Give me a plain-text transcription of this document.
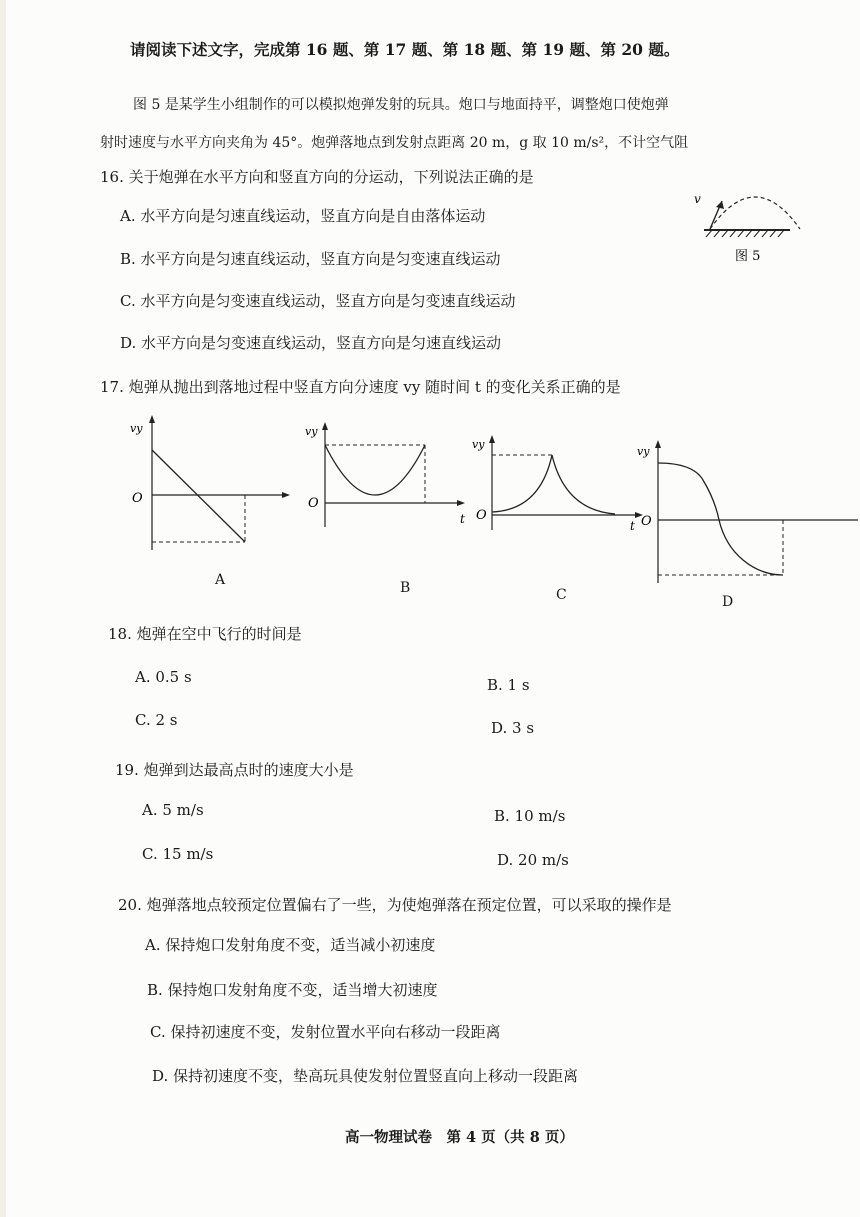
请阅读下述文字，完成第 16 题、第 17 题、第 18 题、第 19 题、第 20 题。
图 5 是某学生小组制作的可以模拟炮弹发射的玩具。炮口与地面持平，调整炮口使炮弹
射时速度与水平方向夹角为 45°。炮弹落地点到发射点距离 20 m，g 取 10 m/s²，不计空气阻
16. 关于炮弹在水平方向和竖直方向的分运动，下列说法正确的是
A. 水平方向是匀速直线运动，竖直方向是自由落体运动
B. 水平方向是匀速直线运动，竖直方向是匀变速直线运动
C. 水平方向是匀变速直线运动，竖直方向是匀变速直线运动
D. 水平方向是匀变速直线运动，竖直方向是匀速直线运动
v
图 5
17. 炮弹从抛出到落地过程中竖直方向分速度 vy 随时间 t 的变化关系正确的是
vy
O
A
vy
O
t
B
vy
O
t
C
vy
O
D
18. 炮弹在空中飞行的时间是
A. 0.5 s	B. 1 s
C. 2 s	D. 3 s
19. 炮弹到达最高点时的速度大小是
A. 5 m/s	B. 10 m/s
C. 15 m/s	D. 20 m/s
20. 炮弹落地点较预定位置偏右了一些，为使炮弹落在预定位置，可以采取的操作是
A. 保持炮口发射角度不变，适当减小初速度
B. 保持炮口发射角度不变，适当增大初速度
C. 保持初速度不变，发射位置水平向右移动一段距离
D. 保持初速度不变，垫高玩具使发射位置竖直向上移动一段距离
高一物理试卷　第 4 页（共 8 页）
